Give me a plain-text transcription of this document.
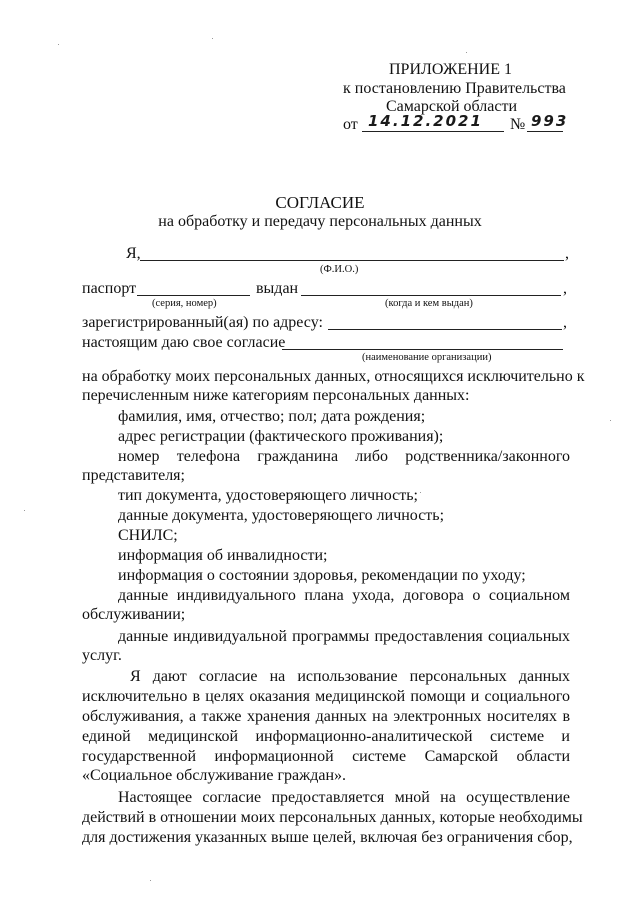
ПРИЛОЖЕНИЕ 1
к постановлению Правительства
Самарской области
от 14.12.2021 № 993
СОГЛАСИЕ
на обработку и передачу персональных данных
Я,	,
(Ф.И.О.)
паспорт	выдан	,
(серия, номер)	(когда и кем выдан)
зарегистрированный(ая) по адресу:	,
настоящим даю свое согласие
(наименование организации)
на обработку моих персональных данных, относящихся исключительно к
перечисленным ниже категориям персональных данных:
фамилия, имя, отчество; пол; дата рождения;
адрес регистрации (фактического проживания);
номер телефона гражданина либо родственника/законного
представителя;
тип документа, удостоверяющего личность;
данные документа, удостоверяющего личность;
СНИЛС;
информация об инвалидности;
информация о состоянии здоровья, рекомендации по уходу;
данные индивидуального плана ухода, договора о социальном
обслуживании;
данные индивидуальной программы предоставления социальных
услуг.
Я дают согласие на использование персональных данных
исключительно в целях оказания медицинской помощи и социального
обслуживания, а также хранения данных на электронных носителях в
единой медицинской информационно-аналитической системе и
государственной информационной системе Самарской области
«Социальное обслуживание граждан».
Настоящее согласие предоставляется мной на осуществление
действий в отношении моих персональных данных, которые необходимы
для достижения указанных выше целей, включая без ограничения сбор,
